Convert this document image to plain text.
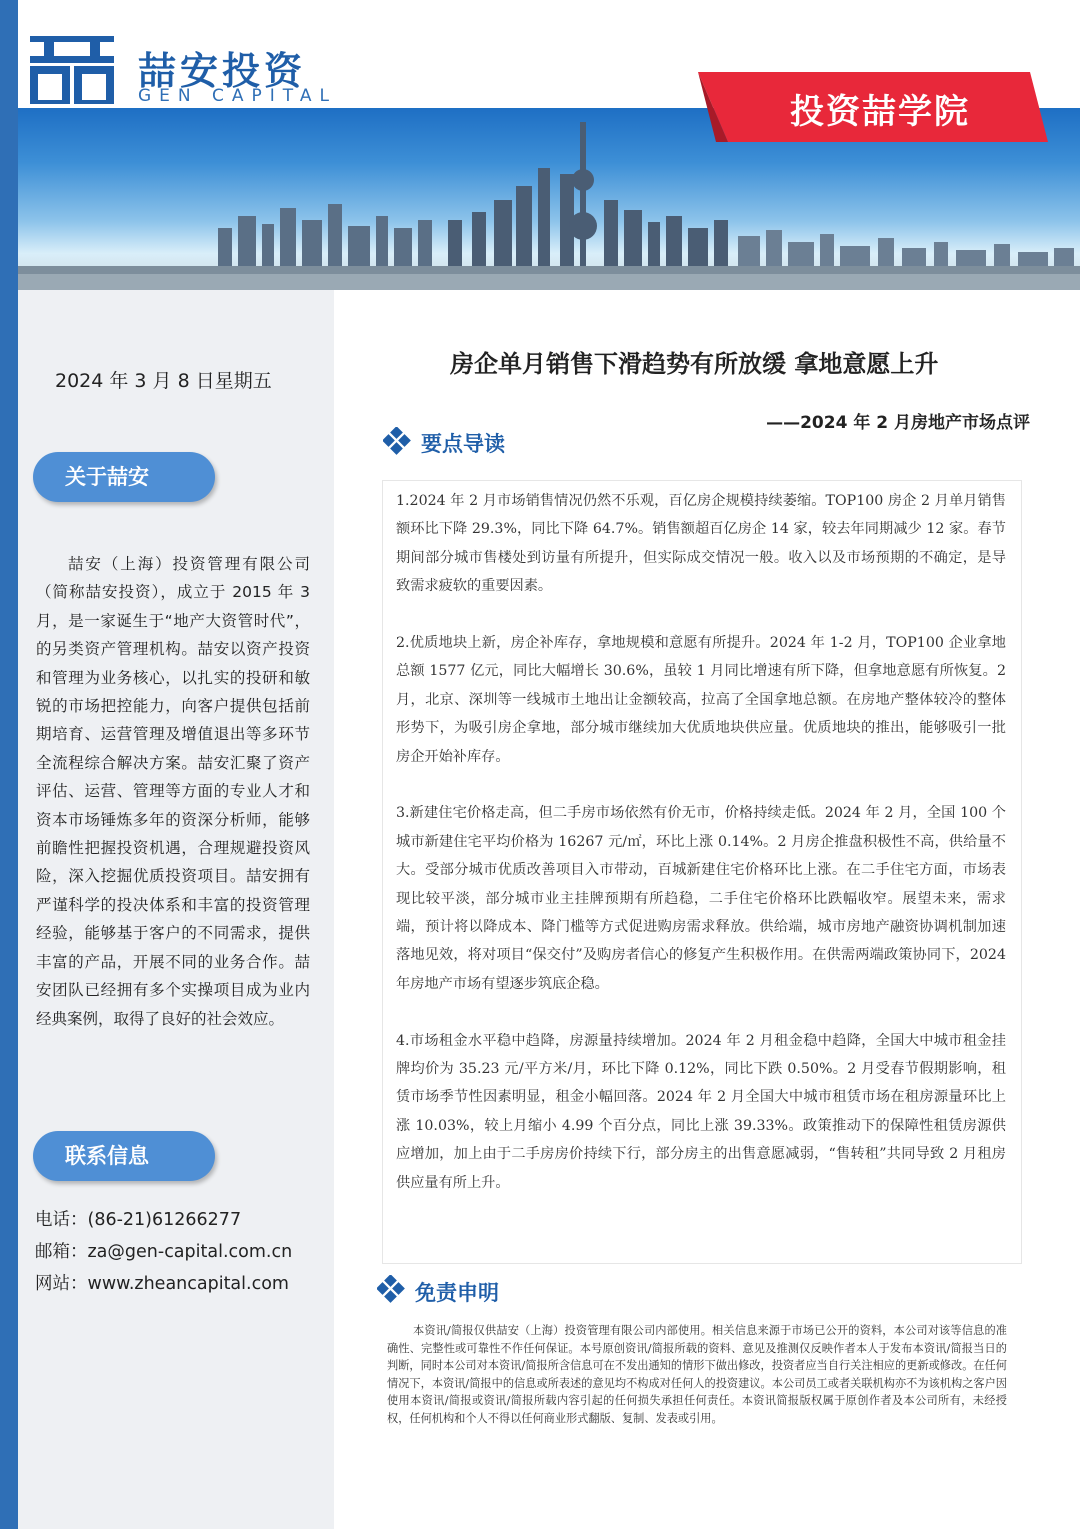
喆安投资
GEN CAPITAL	投资喆学院
2024 年 3 月 8 日星期五
关于喆安
喆安（上海）投资管理有限公司（简称喆安投资），成立于 2015 年 3 月，是一家诞生于“地产大资管时代”，的另类资产管理机构。喆安以资产投资和管理为业务核心，以扎实的投研和敏锐的市场把控能力，向客户提供包括前期培育、运营管理及增值退出等多环节全流程综合解决方案。喆安汇聚了资产评估、运营、管理等方面的专业人才和资本市场锤炼多年的资深分析师，能够前瞻性把握投资机遇，合理规避投资风险，深入挖掘优质投资项目。喆安拥有严谨科学的投决体系和丰富的投资管理经验，能够基于客户的不同需求，提供丰富的产品，开展不同的业务合作。喆安团队已经拥有多个实操项目成为业内经典案例，取得了良好的社会效应。
联系信息
电话：(86-21)61266277
邮箱：za@gen-capital.com.cn
网站：www.zheancapital.com
房企单月销售下滑趋势有所放缓 拿地意愿上升
——2024 年 2 月房地产市场点评
要点导读

1.2024 年 2 月市场销售情况仍然不乐观，百亿房企规模持续萎缩。TOP100 房企 2 月单月销售额环比下降 29.3%，同比下降 64.7%。销售额超百亿房企 14 家，较去年同期减少 12 家。春节期间部分城市售楼处到访量有所提升，但实际成交情况一般。收入以及市场预期的不确定，是导致需求疲软的重要因素。

2.优质地块上新，房企补库存，拿地规模和意愿有所提升。2024 年 1-2 月，TOP100 企业拿地总额 1577 亿元，同比大幅增长 30.6%，虽较 1 月同比增速有所下降，但拿地意愿有所恢复。2 月，北京、深圳等一线城市土地出让金额较高，拉高了全国拿地总额。在房地产整体较冷的整体形势下，为吸引房企拿地，部分城市继续加大优质地块供应量。优质地块的推出，能够吸引一批房企开始补库存。

3.新建住宅价格走高，但二手房市场依然有价无市，价格持续走低。2024 年 2 月，全国 100 个城市新建住宅平均价格为 16267 元/㎡，环比上涨 0.14%。2 月房企推盘积极性不高，供给量不大。受部分城市优质改善项目入市带动，百城新建住宅价格环比上涨。在二手住宅方面，市场表现比较平淡，部分城市业主挂牌预期有所趋稳，二手住宅价格环比跌幅收窄。展望未来，需求端，预计将以降成本、降门槛等方式促进购房需求释放。供给端，城市房地产融资协调机制加速落地见效，将对项目“保交付”及购房者信心的修复产生积极作用。在供需两端政策协同下，2024 年房地产市场有望逐步筑底企稳。

4.市场租金水平稳中趋降，房源量持续增加。2024 年 2 月租金稳中趋降，全国大中城市租金挂牌均价为 35.23 元/平方米/月，环比下降 0.12%，同比下跌 0.50%。2 月受春节假期影响，租赁市场季节性因素明显，租金小幅回落。2024 年 2 月全国大中城市租赁市场在租房源量环比上涨 10.03%，较上月缩小 4.99 个百分点，同比上涨 39.33%。政策推动下的保障性租赁房源供应增加，加上由于二手房房价持续下行，部分房主的出售意愿减弱，“售转租”共同导致 2 月租房供应量有所上升。

免责申明
本资讯/简报仅供喆安（上海）投资管理有限公司内部使用。相关信息来源于市场已公开的资料，本公司对该等信息的准确性、完整性或可靠性不作任何保证。本号原创资讯/简报所载的资料、意见及推测仅反映作者本人于发布本资讯/简报当日的判断，同时本公司对本资讯/简报所含信息可在不发出通知的情形下做出修改，投资者应当自行关注相应的更新或修改。在任何情况下，本资讯/简报中的信息或所表述的意见均不构成对任何人的投资建议。本公司员工或者关联机构亦不为该机构之客户因使用本资讯/简报或资讯/简报所载内容引起的任何损失承担任何责任。本资讯简报版权属于原创作者及本公司所有，未经授权，任何机构和个人不得以任何商业形式翻版、复制、发表或引用。
